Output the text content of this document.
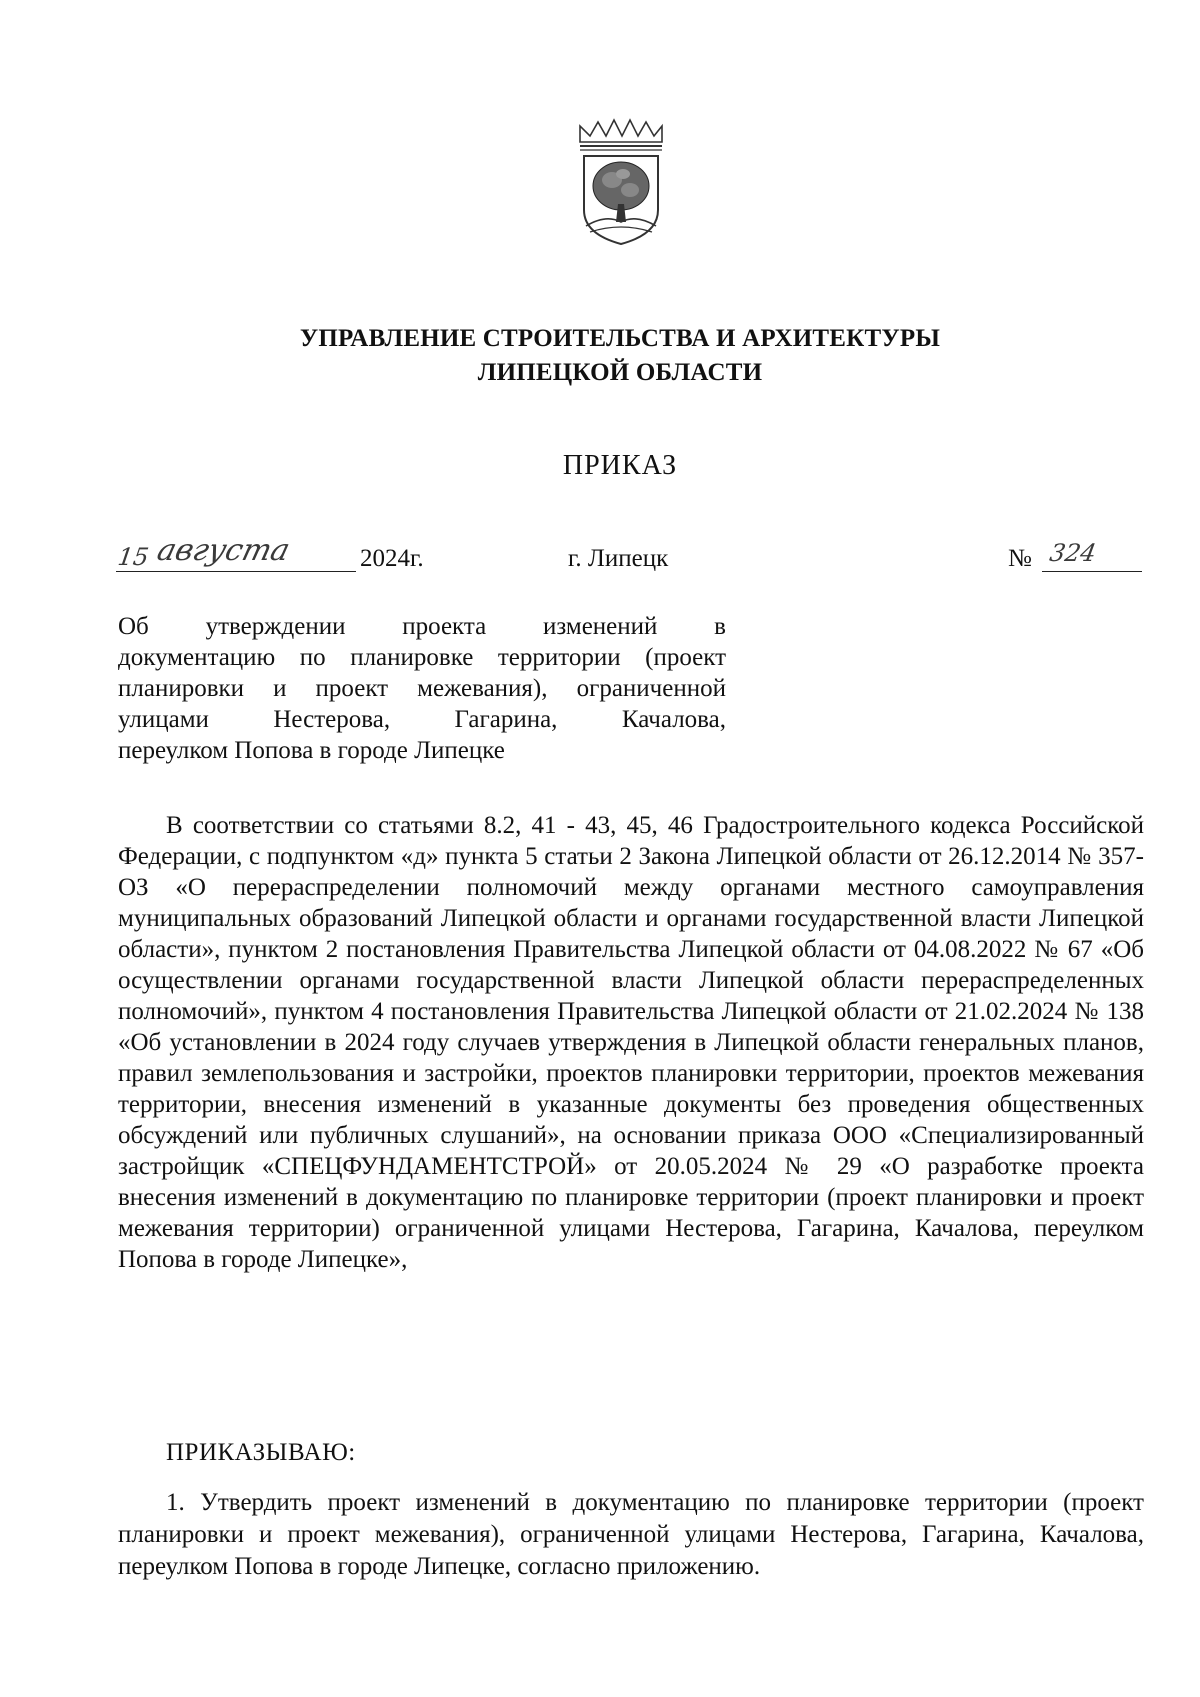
УПРАВЛЕНИЕ СТРОИТЕЛЬСТВА И АРХИТЕКТУРЫ
ЛИПЕЦКОЙ ОБЛАСТИ
ПРИКАЗ
15 августа	2024г.	г. Липецк	№ 324
Об утверждении проекта изменений в
документацию по планировке территории (проект
планировки и проект межевания), ограниченной
улицами Нестерова, Гагарина, Качалова,
переулком Попова в городе Липецке

В соответствии со статьями 8.2, 41 - 43, 45, 46 Градостроительного кодекса Российской Федерации, с подпунктом «д» пункта 5 статьи 2 Закона Липецкой области от 26.12.2014 № 357-ОЗ «О перераспределении полномочий между органами местного самоуправления муниципальных образований Липецкой области и органами государственной власти Липецкой области», пунктом 2 постановления Правительства Липецкой области от 04.08.2022 № 67 «Об осуществлении органами государственной власти Липецкой области перераспределенных полномочий», пунктом 4 постановления Правительства Липецкой области от 21.02.2024 № 138 «Об установлении в 2024 году случаев утверждения в Липецкой области генеральных планов, правил землепользования и застройки, проектов планировки территории, проектов межевания территории, внесения изменений в указанные документы без проведения общественных обсуждений или публичных слушаний», на основании приказа ООО «Специализированный застройщик «СПЕЦФУНДАМЕНТСТРОЙ» от 20.05.2024 № 29 «О разработке проекта внесения изменений в документацию по планировке территории (проект планировки и проект межевания территории) ограниченной улицами Нестерова, Гагарина, Качалова, переулком Попова в городе Липецке»,

ПРИКАЗЫВАЮ:

1. Утвердить проект изменений в документацию по планировке территории (проект планировки и проект межевания), ограниченной улицами Нестерова, Гагарина, Качалова, переулком Попова в городе Липецке, согласно приложению.
